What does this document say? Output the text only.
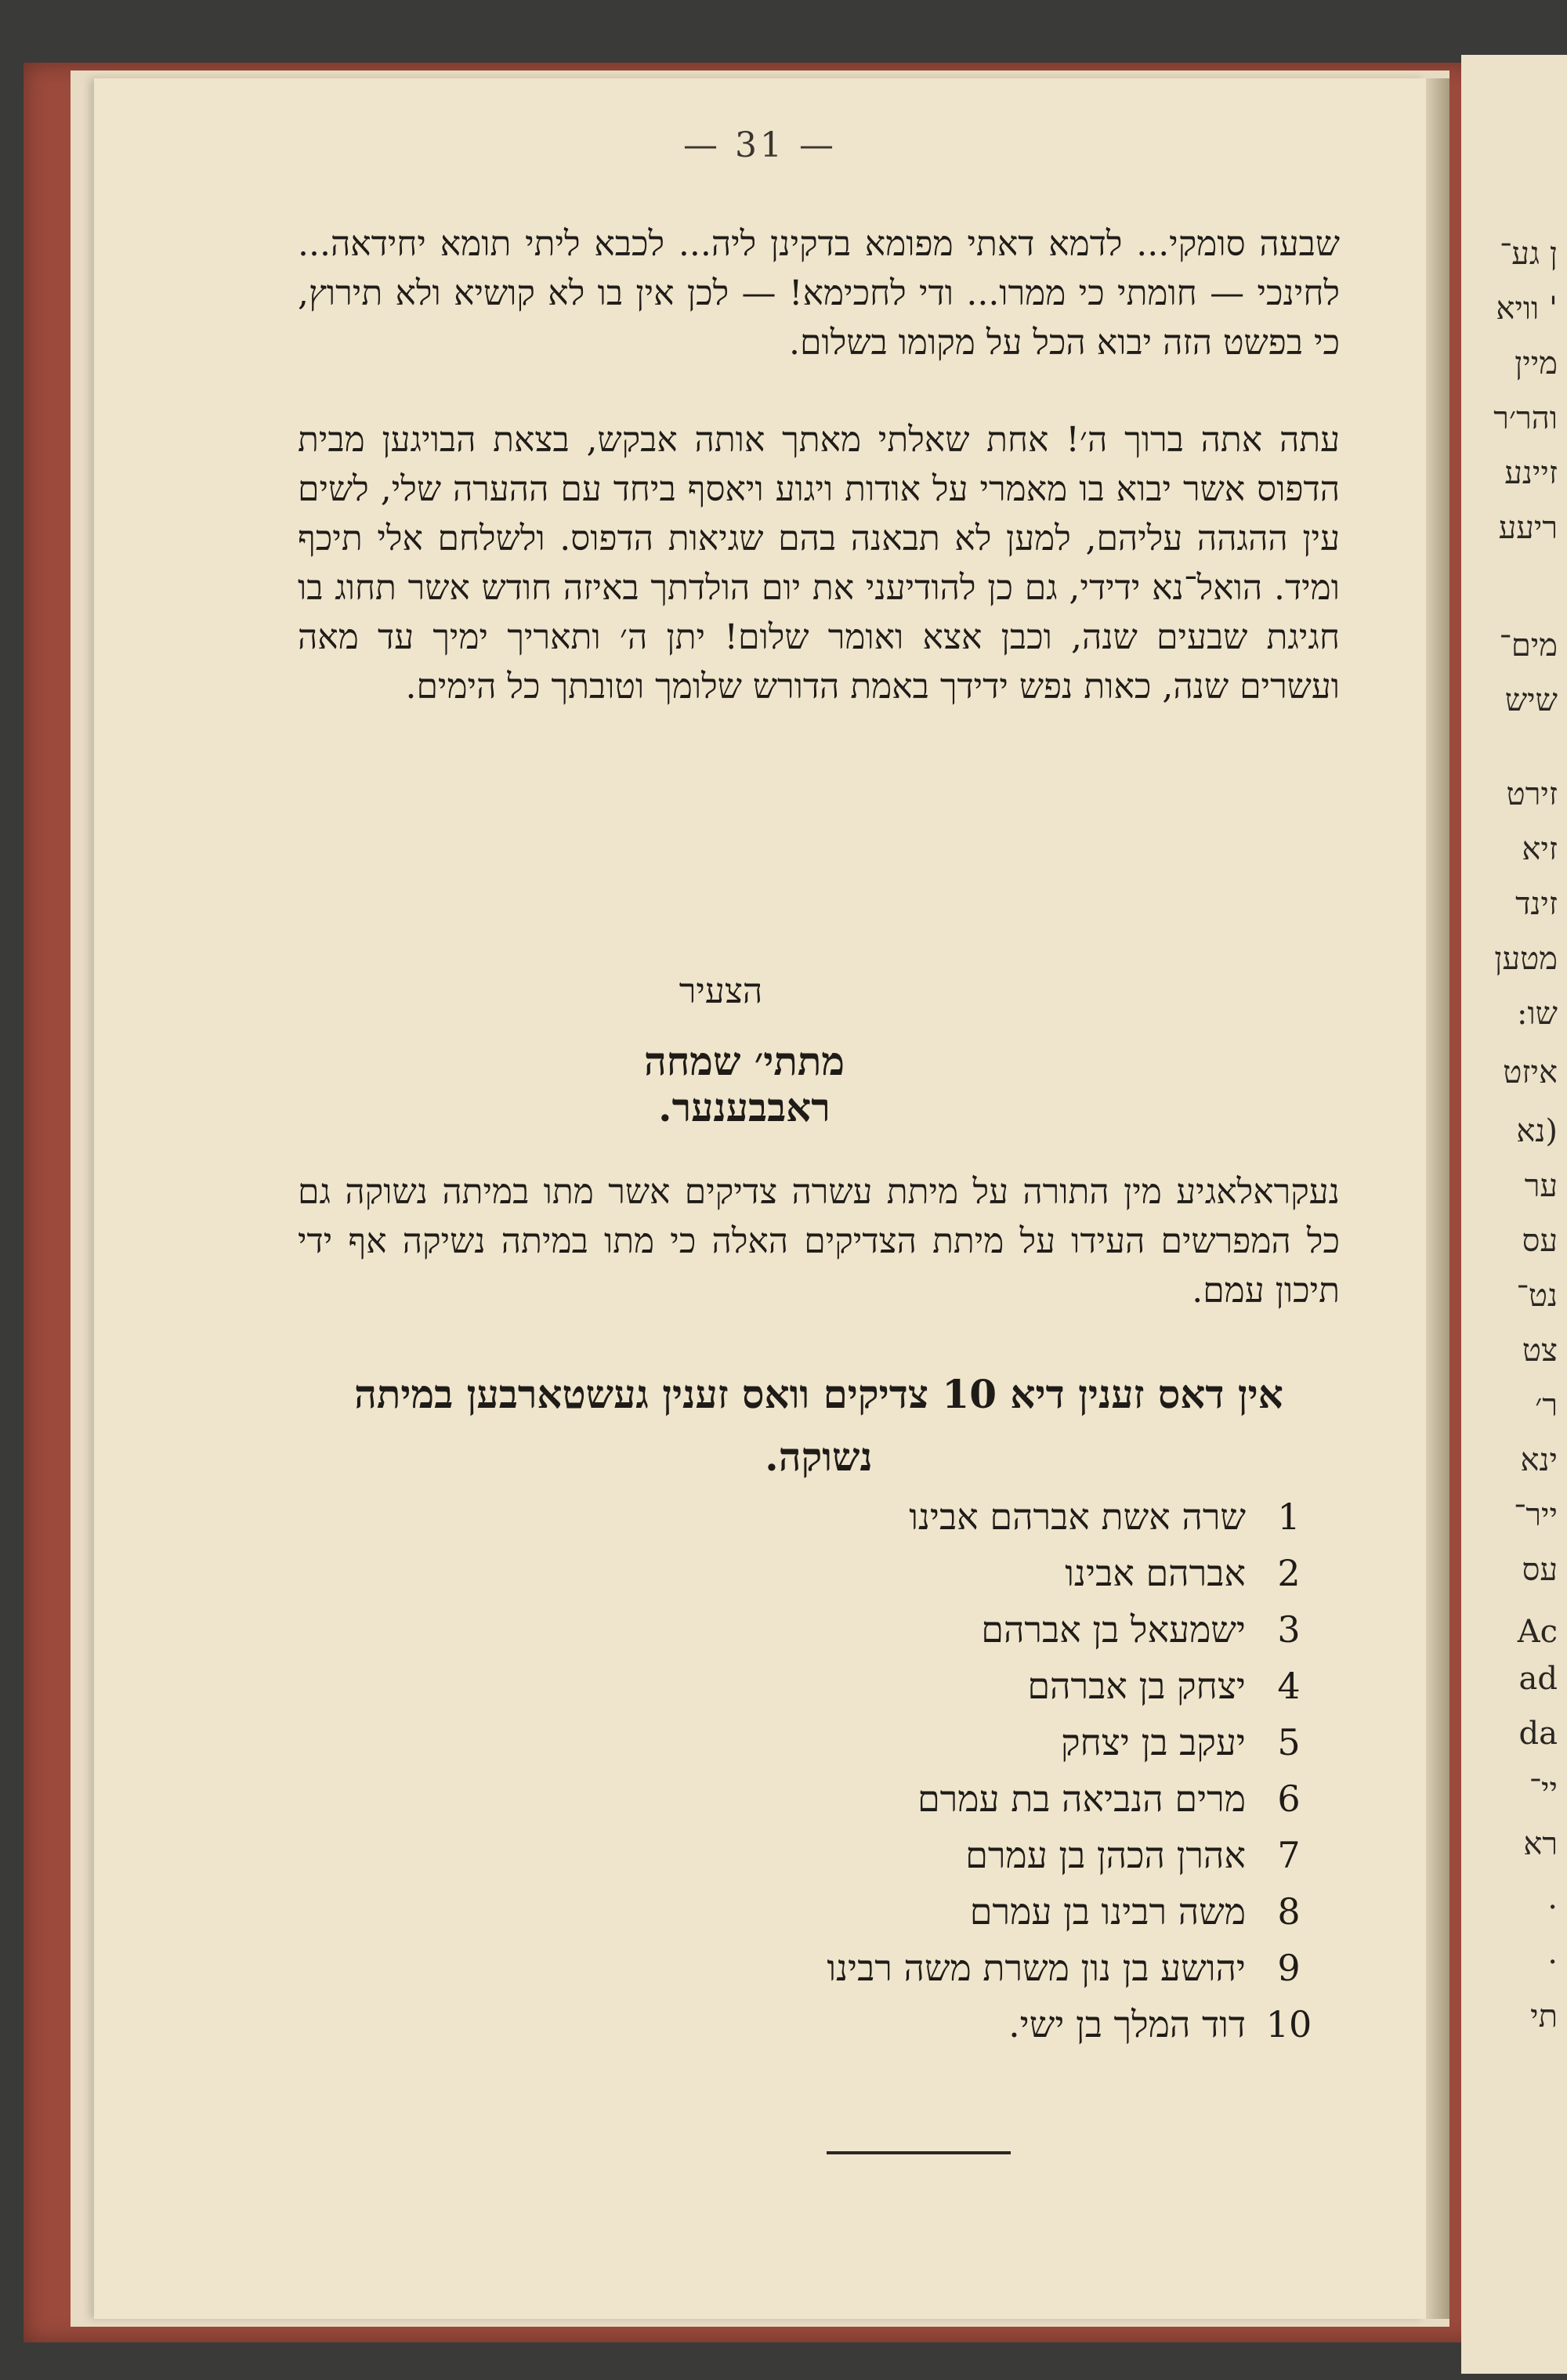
— 31 —

שבעה סומקי... לדמא דאתי מפומא בדקינן ליה... לכבא ליתי תומא יחידאה... לחינכי — חומתי כי ממרו... ודי לחכימא! — לכן אין בו לא קושיא ולא תירוץ, כי בפשט הזה יבוא הכל על מקומו בשלום.

עתה אתה ברוך ה׳! אחת שאלתי מאתך אותה אבקש, בצאת הבויגען מבית הדפוס אשר יבוא בו מאמרי על אודות ויגוע ויאסף ביחד עם ההערה שלי, לשים עין ההגהה עליהם, למען לא תבאנה בהם שגיאות הדפוס. ולשלחם אלי תיכף ומיד. הואל־נא ידידי, גם כן להודיעני את יום הולדתך באיזה חודש אשר תחוג בו חגיגת שבעים שנה, וכבן אצא ואומר שלום! יתן ה׳ ותאריך ימיך עד מאה ועשרים שנה, כאות נפש ידידך באמת הדורש שלומך וטובתך כל הימים.

הצעיר
מתתי׳ שמחה ראבבענער.

נעקראלאגיע מין התורה על מיתת עשרה צדיקים אשר מתו במיתה נשוקה גם כל המפרשים העידו על מיתת הצדיקים האלה כי מתו במיתה נשיקה אף ידי תיכון עמם.

אין דאס זענין דיא 10 צדיקים וואס זענין געשטארבען במיתה נשוקה.
1
שרה אשת אברהם אבינו
2
אברהם אבינו
3
ישמעאל בן אברהם
4
יצחק בן אברהם
5
יעקב בן יצחק
6
מרים הנביאה בת עמרם
7
אהרן הכהן בן עמרם
8
משה רבינו בן עמרם
9
יהושע בן נון משרת משה רבינו
10
דוד המלך בן ישי.
ן גע־
' וויא
מיין
והר׳ר
זיינע
ריעע
מים־
שיש
זירט
זיא
זינד
מטען
שו:
איזט
(נא
ער
עס
נט־
צט
ר׳
ינא
ייר־
עס
Ac
ad
da
יי־
רא
.
.
תי
